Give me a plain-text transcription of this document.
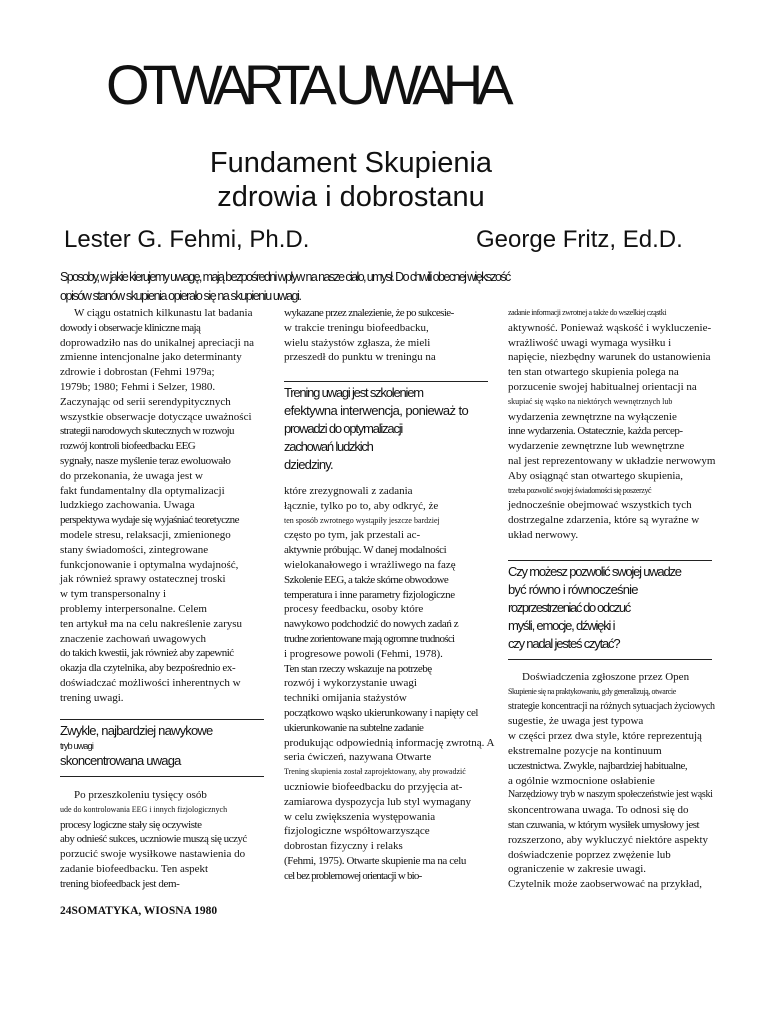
OTWARTA UWAHA
Fundament Skupienia
zdrowia i dobrostanu
Lester G. Fehmi, Ph.D.	George Fritz, Ed.D.
Sposoby, w jakie kierujemy uwagę, mają bezpośredni wpływ na nasze ciało, umysł. Do chwili obecnej większość
opisów stanów skupienia opierało się na skupieniu uwagi.

W ciągu ostatnich kilkunastu lat badania

dowody i obserwacje kliniczne mają

doprowadziło nas do unikalnej apreciacji na

zmienne intencjonalne jako determinanty

zdrowie i dobrostan (Fehmi 1979a;

1979b; 1980; Fehmi i Selzer, 1980.

Zaczynając od serii serendypitycznych

wszystkie obserwacje dotyczące uważności

strategii narodowych skutecznych w rozwoju

rozwój kontroli biofeedbacku EEG

sygnały, nasze myślenie teraz ewoluowało

do przekonania, że uwaga jest w

fakt fundamentalny dla optymalizacji

ludzkiego zachowania. Uwaga

perspektywa wydaje się wyjaśniać teoretyczne

modele stresu, relaksacji, zmienionego

stany świadomości, zintegrowane

funkcjonowanie i optymalna wydajność,

jak również sprawy ostatecznej troski

w tym transpersonalny i

problemy interpersonalne. Celem

ten artykuł ma na celu nakreślenie zarysu

znaczenie zachowań uwagowych

do takich kwestii, jak również aby zapewnić

okazja dla czytelnika, aby bezpośrednio ex-

doświadczać możliwości inherentnych w

trening uwagi.

Zwykle, najbardziej nawykowe
tryb uwagi
skoncentrowana uwaga

Po przeszkoleniu tysięcy osób

ude do kontrolowania EEG i innych fizjologicznych

procesy logiczne stały się oczywiste

aby odnieść sukces, uczniowie muszą się uczyć

porzucić swoje wysiłkowe nastawienia do

zadanie biofeedbacku. Ten aspekt

trening biofeedback jest dem-

wykazane przez znalezienie, że po sukcesie-

w trakcie treningu biofeedbacku,

wielu stażystów zgłasza, że mieli

przeszedł do punktu w treningu na

Trening uwagi jest szkoleniem
efektywna interwencja, ponieważ to
prowadzi do optymalizacji
zachowań ludzkich
dziedziny.

które zrezygnowali z zadania

łącznie, tylko po to, aby odkryć, że

ten sposób zwrotnego wystąpiły jeszcze bardziej

często po tym, jak przestali ac-

aktywnie próbując. W danej modalności

wielokanałowego i wrażliwego na fazę

Szkolenie EEG, a także skórne obwodowe

temperatura i inne parametry fizjologiczne

procesy feedbacku, osoby które

nawykowo podchodzić do nowych zadań z

trudne zorientowane mają ogromne trudności

i progresowe powoli (Fehmi, 1978).

Ten stan rzeczy wskazuje na potrzebę

rozwój i wykorzystanie uwagi

techniki omijania stażystów

początkowo wąsko ukierunkowany i napięty cel

ukierunkowanie na subtelne zadanie

produkując odpowiednią informację zwrotną. A

seria ćwiczeń, nazywana Otwarte

Trening skupienia został zaprojektowany, aby prowadzić

uczniowie biofeedbacku do przyjęcia at-

zamiarowa dyspozycja lub styl wymagany

w celu zwiększenia występowania

fizjologiczne współtowarzyszące

dobrostan fizyczny i relaks

(Fehmi, 1975). Otwarte skupienie ma na celu

cel bez problemowej orientacji w bio-

zadanie informacji zwrotnej a także do wszelkiej cząstki

aktywność. Ponieważ wąskość i wykluczenie-

wrażliwość uwagi wymaga wysiłku i

napięcie, niezbędny warunek do ustanowienia

ten stan otwartego skupienia polega na

porzucenie swojej habitualnej orientacji na

skupiać się wąsko na niektórych wewnętrznych lub

wydarzenia zewnętrzne na wyłączenie

inne wydarzenia. Ostatecznie, każda percep-

wydarzenie zewnętrzne lub wewnętrzne

nal jest reprezentowany w układzie nerwowym

Aby osiągnąć stan otwartego skupienia,

trzeba pozwolić swojej świadomości się poszerzyć

jednocześnie obejmować wszystkich tych

dostrzegalne zdarzenia, które są wyraźne w

układ nerwowy.

Czy możesz pozwolić swojej uwadze
być równo i równocześnie
rozprzestrzeniać do odczuć
myśli, emocje, dźwięki i
czy nadal jesteś czytać?

Doświadczenia zgłoszone przez Open

Skupienie się na praktykowaniu, gdy generalizują, otwarcie

strategie koncentracji na różnych sytuacjach życiowych

sugestie, że uwaga jest typowa

w części przez dwa style, które reprezentują

ekstremalne pozycje na kontinuum

uczestnictwa. Zwykle, najbardziej habitualne,

a ogólnie wzmocnione osłabienie

Narzędziowy tryb w naszym społeczeństwie jest wąski

skoncentrowana uwaga. To odnosi się do

stan czuwania, w którym wysiłek umysłowy jest

rozszerzono, aby wykluczyć niektóre aspekty

doświadczenie poprzez zwężenie lub

ograniczenie w zakresie uwagi.

Czytelnik może zaobserwować na przykład,

24SOMATYKA, WIOSNA 1980
